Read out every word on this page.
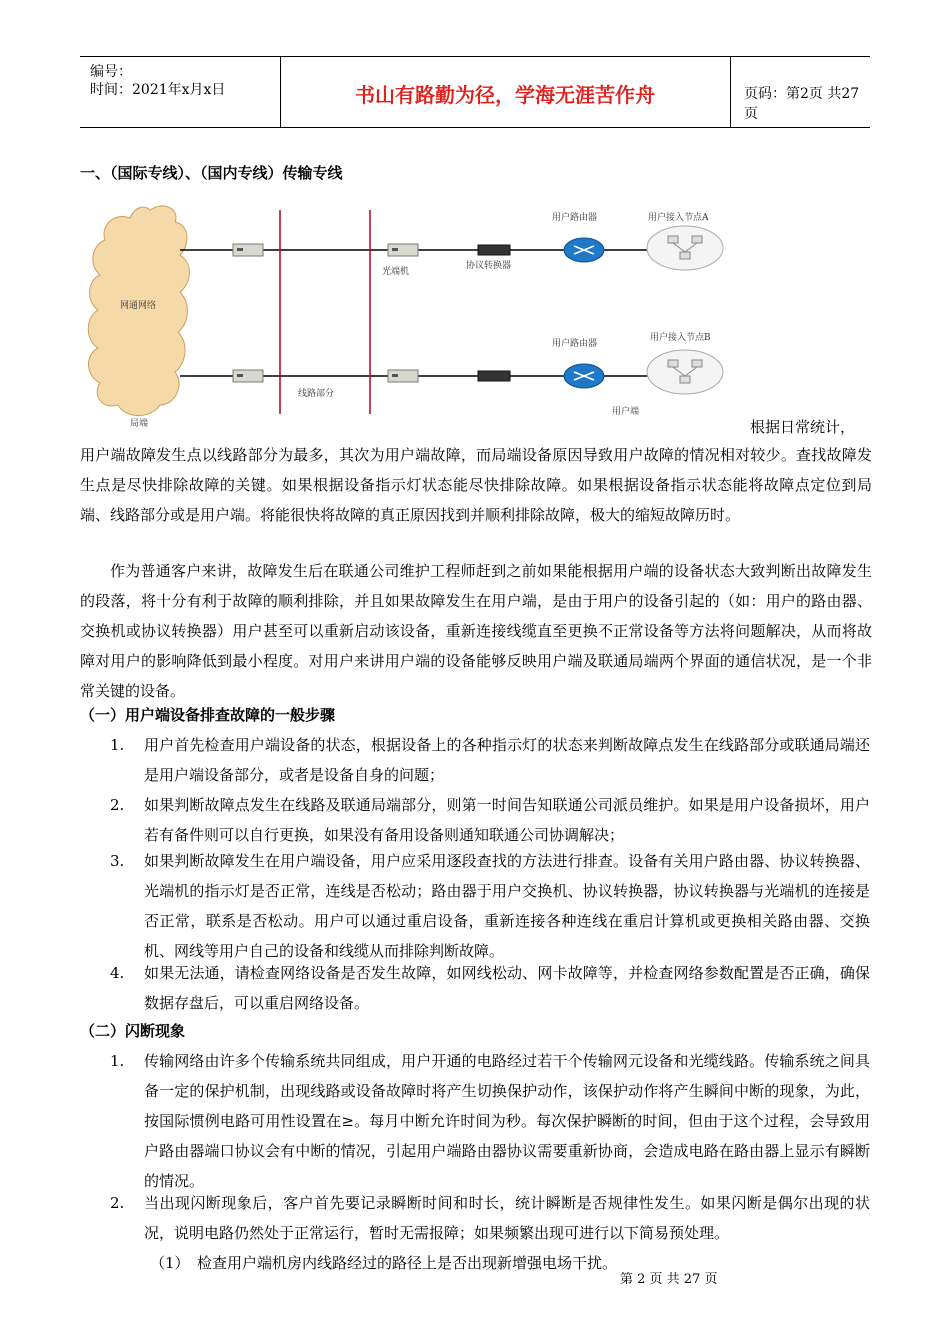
编号：
时间：2021年x月x日	书山有路勤为径，学海无涯苦作舟	页码：第2页 共27页
一、（国际专线）、（国内专线）传输专线
网通网络
局端
线路部分
光端机
协议转换器
用户路由器
用户路由器
用户接入节点A
用户接入节点B
用户端
根据日常统计，
用户端故障发生点以线路部分为最多，其次为用户端故障，而局端设备原因导致用户故障的情况相对较少。查找故障发生点是尽快排除故障的关键。如果根据设备指示灯状态能尽快排除故障。如果根据设备指示状态能将故障点定位到局端、线路部分或是用户端。将能很快将故障的真正原因找到并顺利排除故障，极大的缩短故障历时。
作为普通客户来讲，故障发生后在联通公司维护工程师赶到之前如果能根据用户端的设备状态大致判断出故障发生的段落，将十分有利于故障的顺利排除，并且如果故障发生在用户端，是由于用户的设备引起的（如：用户的路由器、交换机或协议转换器）用户甚至可以重新启动该设备，重新连接线缆直至更换不正常设备等方法将问题解决，从而将故障对用户的影响降低到最小程度。对用户来讲用户端的设备能够反映用户端及联通局端两个界面的通信状况，是一个非常关键的设备。
（一）用户端设备排查故障的一般步骤
1.	用户首先检查用户端设备的状态，根据设备上的各种指示灯的状态来判断故障点发生在线路部分或联通局端还是用户端设备部分，或者是设备自身的问题；
2.	如果判断故障点发生在线路及联通局端部分，则第一时间告知联通公司派员维护。如果是用户设备损坏，用户若有备件则可以自行更换，如果没有备用设备则通知联通公司协调解决；
3.	如果判断故障发生在用户端设备，用户应采用逐段查找的方法进行排查。设备有关用户路由器、协议转换器、光端机的指示灯是否正常，连线是否松动；路由器于用户交换机、协议转换器，协议转换器与光端机的连接是否正常，联系是否松动。用户可以通过重启设备，重新连接各种连线在重启计算机或更换相关路由器、交换机、网线等用户自己的设备和线缆从而排除判断故障。
4.	如果无法通，请检查网络设备是否发生故障，如网线松动、网卡故障等，并检查网络参数配置是否正确，确保数据存盘后，可以重启网络设备。
（二）闪断现象
1.	传输网络由许多个传输系统共同组成，用户开通的电路经过若干个传输网元设备和光缆线路。传输系统之间具备一定的保护机制，出现线路或设备故障时将产生切换保护动作，该保护动作将产生瞬间中断的现象，为此，按国际惯例电路可用性设置在≥。每月中断允许时间为秒。每次保护瞬断的时间，但由于这个过程，会导致用户路由器端口协议会有中断的情况，引起用户端路由器协议需要重新协商，会造成电路在路由器上显示有瞬断的情况。
2.	当出现闪断现象后，客户首先要记录瞬断时间和时长，统计瞬断是否规律性发生。如果闪断是偶尔出现的状况，说明电路仍然处于正常运行，暂时无需报障；如果频繁出现可进行以下简易预处理。
（1）　检查用户端机房内线路经过的路径上是否出现新增强电场干扰。
第 2 页 共 27 页
